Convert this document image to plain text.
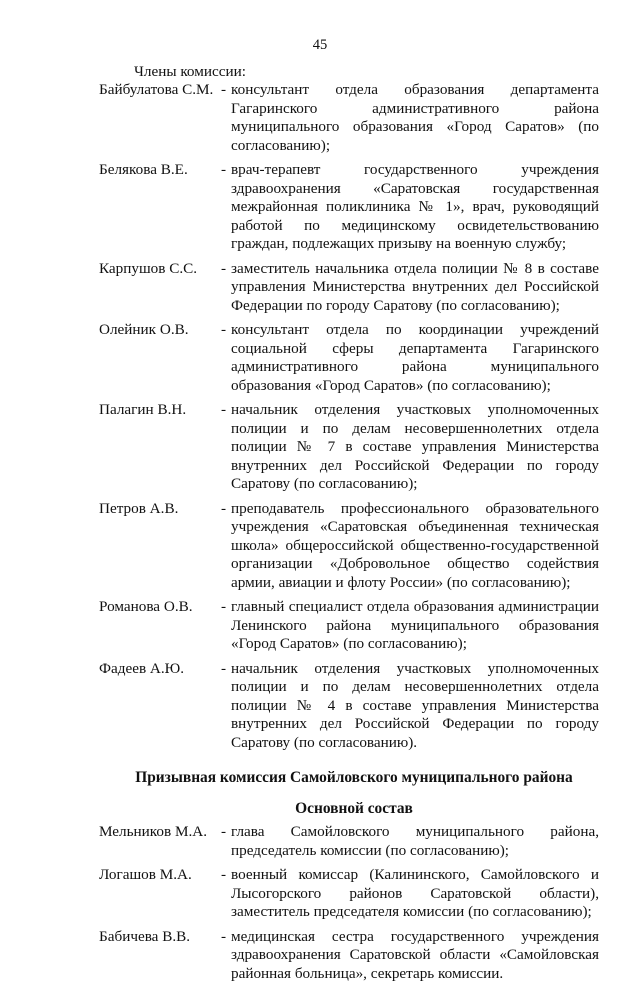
45
Члены комиссии:
Байбулатова С.М. - консультант отдела образования департамента Гагаринского административного района муниципального образования «Город Саратов» (по согласованию);
Белякова В.Е.	- врач-терапевт государственного учреждения здравоохранения «Саратовская государственная межрайонная поликлиника № 1», врач, руководящий работой по медицинскому освидетельствованию граждан, подлежащих призыву на военную службу;
Карпушов С.С.	- заместитель начальника отдела полиции № 8 в составе управления Министерства внутренних дел Российской Федерации по городу Саратову (по согласованию);
Олейник О.В.	- консультант отдела по координации учреждений социальной сферы департамента Гагаринского административного района муниципального образования «Город Саратов» (по согласованию);
Палагин В.Н.	- начальник отделения участковых уполномоченных полиции и по делам несовершеннолетних отдела полиции № 7 в составе управления Министерства внутренних дел Российской Федерации по городу Саратову (по согласованию);
Петров А.В.	- преподаватель профессионального образовательного учреждения «Саратовская объединенная техническая школа» общероссийской общественно-государственной организации «Добровольное общество содействия армии, авиации и флоту России» (по согласованию);
Романова О.В.	- главный специалист отдела образования администрации Ленинского района муниципального образования «Город Саратов» (по согласованию);
Фадеев А.Ю.	- начальник отделения участковых уполномоченных полиции и по делам несовершеннолетних отдела полиции № 4 в составе управления Министерства внутренних дел Российской Федерации по городу Саратову (по согласованию).
Призывная комиссия Самойловского муниципального района
Основной состав
Мельников М.А. - глава Самойловского муниципального района, председатель комиссии (по согласованию);
Логашов М.А.	- военный комиссар (Калининского, Самойловского и Лысогорского районов Саратовской области), заместитель председателя комиссии (по согласованию);
Бабичева В.В.	- медицинская сестра государственного учреждения здравоохранения Саратовской области «Самойловская районная больница», секретарь комиссии.
